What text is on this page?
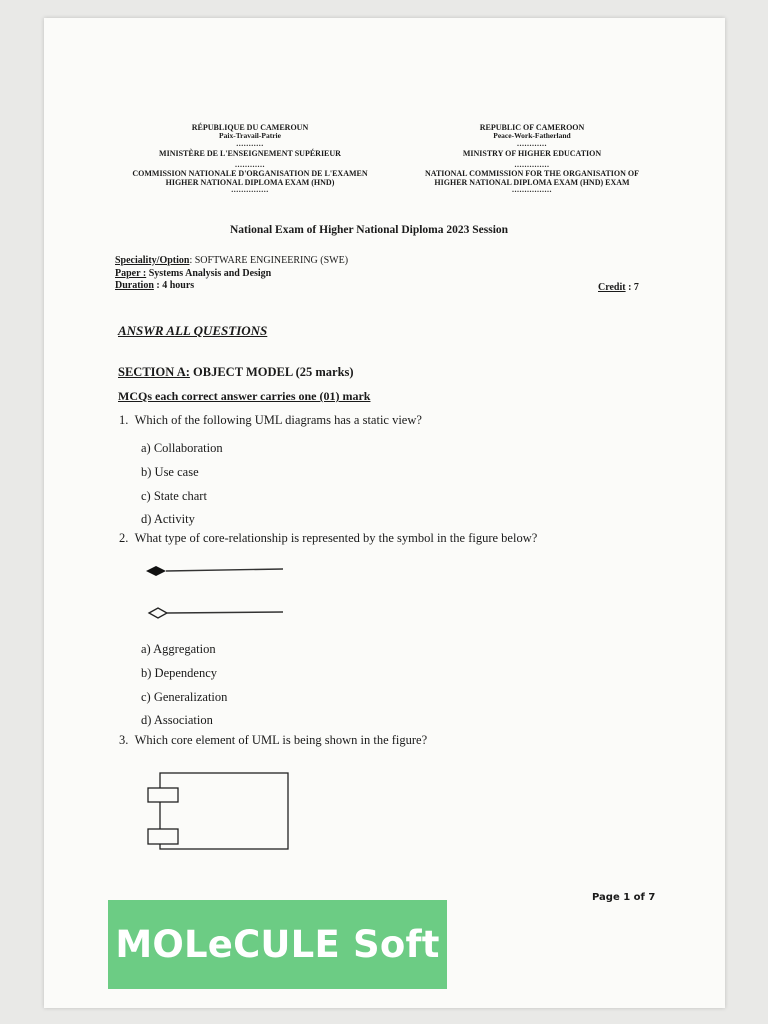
RÉPUBLIQUE DU CAMEROUN
Paix-Travail-Patrie
...........
MINISTÈRE DE L'ENSEIGNEMENT SUPÉRIEUR
............
COMMISSION NATIONALE D'ORGANISATION DE L'EXAMEN
HIGHER NATIONAL DIPLOMA EXAM (HND)
...............
REPUBLIC OF CAMEROON
Peace-Work-Fatherland
............
MINISTRY OF HIGHER EDUCATION
..............
NATIONAL COMMISSION FOR THE ORGANISATION OF
HIGHER NATIONAL DIPLOMA EXAM (HND) EXAM
................
National Exam of Higher National Diploma 2023 Session
Speciality/Option: SOFTWARE ENGINEERING (SWE)
Paper : Systems Analysis and Design
Duration : 4 hours	Credit : 7
ANSWR ALL QUESTIONS
SECTION A: OBJECT MODEL (25 marks)
MCQs each correct answer carries one (01) mark
1. Which of the following UML diagrams has a static view?
a) Collaboration
b) Use case
c) State chart
d) Activity
2. What type of core-relationship is represented by the symbol in the figure below?
a) Aggregation
b) Dependency
c) Generalization
d) Association
3. Which core element of UML is being shown in the figure?
Page 1 of 7
MOLeCULE Soft
